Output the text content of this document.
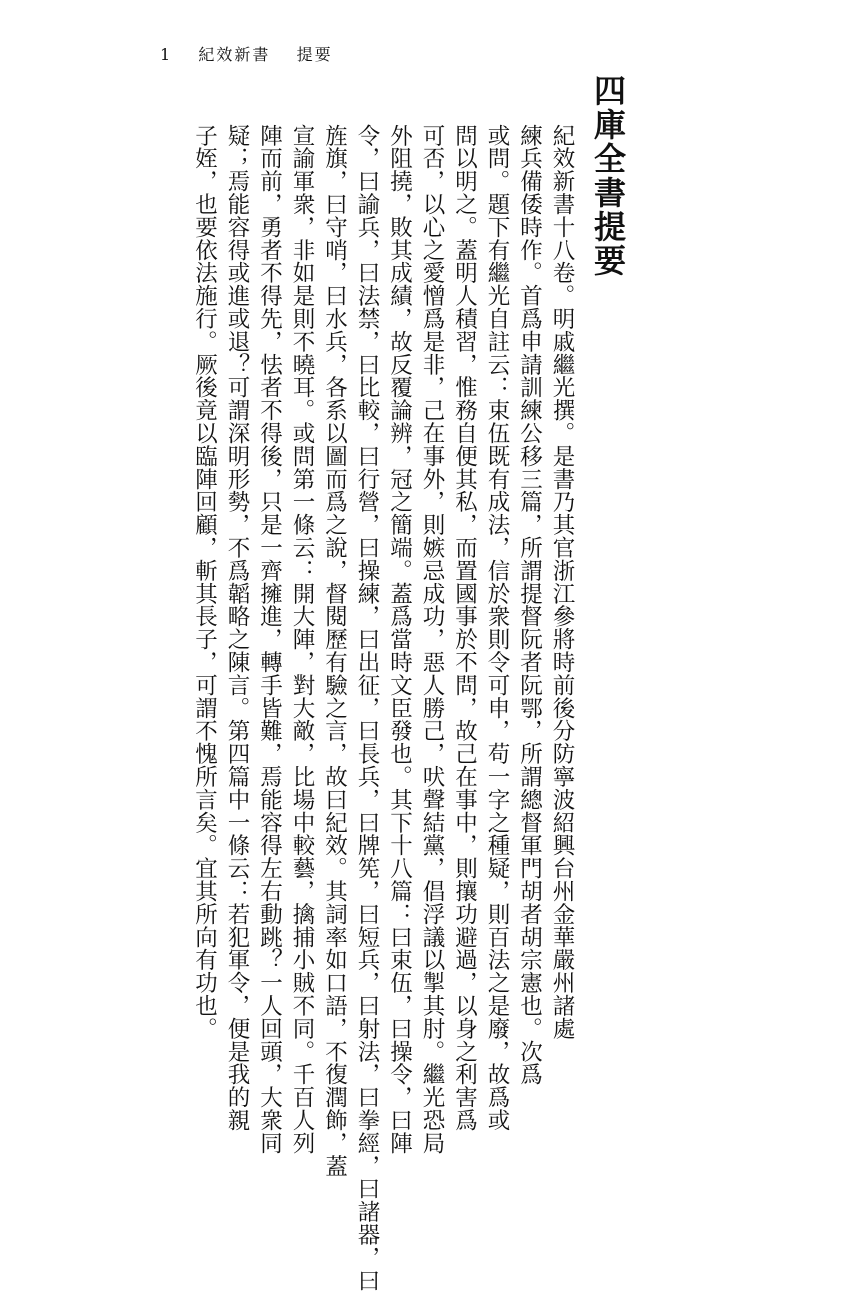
1 紀效新書 提要
四庫全書提要

紀效新書十八卷。明戚繼光撰。是書乃其官浙江參將時前後分防寧波紹興台州金華嚴州諸處

練兵備倭時作。首爲申請訓練公移三篇，所謂提督阮者阮鄂，所謂總督軍門胡者胡宗憲也。次爲

或問。題下有繼光自註云：束伍既有成法，信於衆則令可申，苟一字之種疑，則百法之是廢，故爲或

問以明之。蓋明人積習，惟務自便其私，而置國事於不問，故己在事中，則攘功避過，以身之利害爲

可否，以心之愛憎爲是非，己在事外，則嫉忌成功，惡人勝己，吠聲結黨，倡浮議以掣其肘。繼光恐局

外阻撓，敗其成績，故反覆論辨，冠之簡端。蓋爲當時文臣發也。其下十八篇：曰束伍，曰操令，曰陣

令，曰諭兵，曰法禁，曰比較，曰行營，曰操練，曰出征，曰長兵，曰牌筅，曰短兵，曰射法，曰拳經，曰諸器，曰

旌旗，曰守哨，曰水兵，各系以圖而爲之說，督閱歷有驗之言，故曰紀效。其詞率如口語，不復潤飾，蓋

宣諭軍衆，非如是則不曉耳。或問第一條云：開大陣，對大敵，比場中較藝，擒捕小賊不同。千百人列

陣而前，勇者不得先，怯者不得後，只是一齊擁進，轉手皆難，焉能容得左右動跳？一人回頭，大衆同

疑；焉能容得或進或退？可謂深明形勢，不爲韜略之陳言。第四篇中一條云：若犯軍令，便是我的親

子姪，也要依法施行。厥後竟以臨陣回顧，斬其長子，可謂不愧所言矣。宜其所向有功也。
